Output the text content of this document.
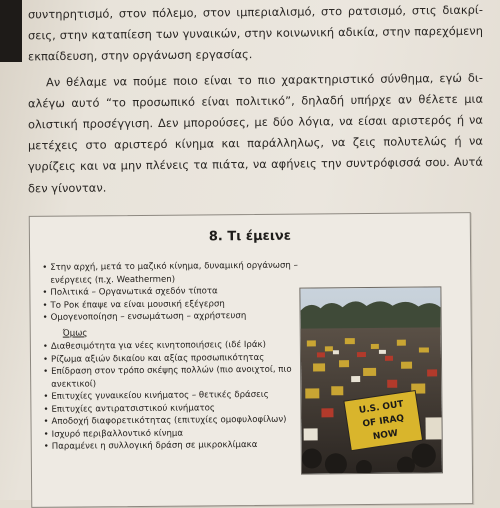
συντηρητισμό, στον πόλεμο, στον ιμπεριαλισμό, στο ρατσισμό, στις διακρί-σεις, στην καταπίεση των γυναικών, στην κοινωνική αδικία, στην παρεχόμενη εκπαίδευση, στην οργάνωση εργασίας.

Αν θέλαμε να πούμε ποιο είναι το πιο χαρακτηριστικό σύνθημα, εγώ δι-αλέγω αυτό “το προσωπικό είναι πολιτικό”, δηλαδή υπήρχε αν θέλετε μια ολιστική προσέγγιση. Δεν μπορούσες, με δύο λόγια, να είσαι αριστερός ή να μετέχεις στο αριστερό κίνημα και παράλληλως, να ζεις πολυτελώς ή να γυρίζεις και να μην πλένεις τα πιάτα, να αφήνεις την συντρόφισσά σου. Αυτά δεν γίνονταν.

8. Τι έμεινε
• Στην αρχή, μετά το μαζικό κίνημα, δυναμική οργάνωση – ενέργειες (π.χ. Weathermen)
• Πολιτικά – Οργανωτικά σχεδόν τίποτα
• Το Ροκ έπαψε να είναι μουσική εξέγερση
• Ομογενοποίηση – ενσωμάτωση – αχρήστευση
Όμως
• Διαθεσιμότητα για νέες κινητοποιήσεις (ιδέ Ιράκ)
• Ρίζωμα αξιών δικαίου και αξίας προσωπικότητας
• Επίδραση στον τρόπο σκέψης πολλών (πιο ανοιχτοί, πιο ανεκτικοί)
• Επιτυχίες γυναικείου κινήματος – θετικές δράσεις
• Επιτυχίες αντιρατσιστικού κινήματος
• Αποδοχή διαφορετικότητας (επιτυχίες ομοφυλοφίλων)
• Ισχυρό περιβαλλοντικό κίνημα
• Παραμένει η συλλογική δράση σε μικροκλίμακα
U.S. OUT
OF IRAQ
NOW
